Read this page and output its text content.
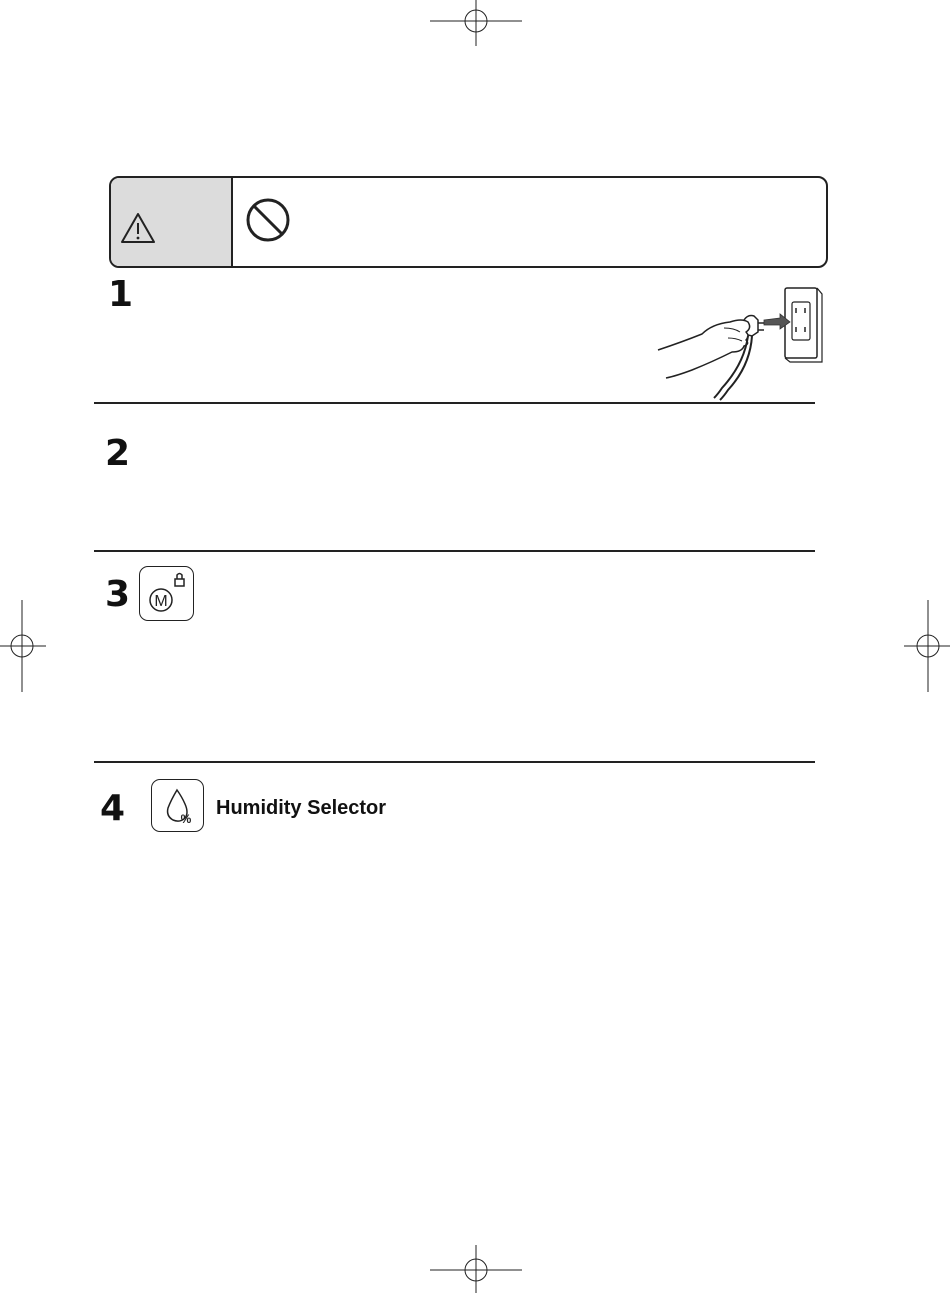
1
2
3 M
4	% Humidity Selector
